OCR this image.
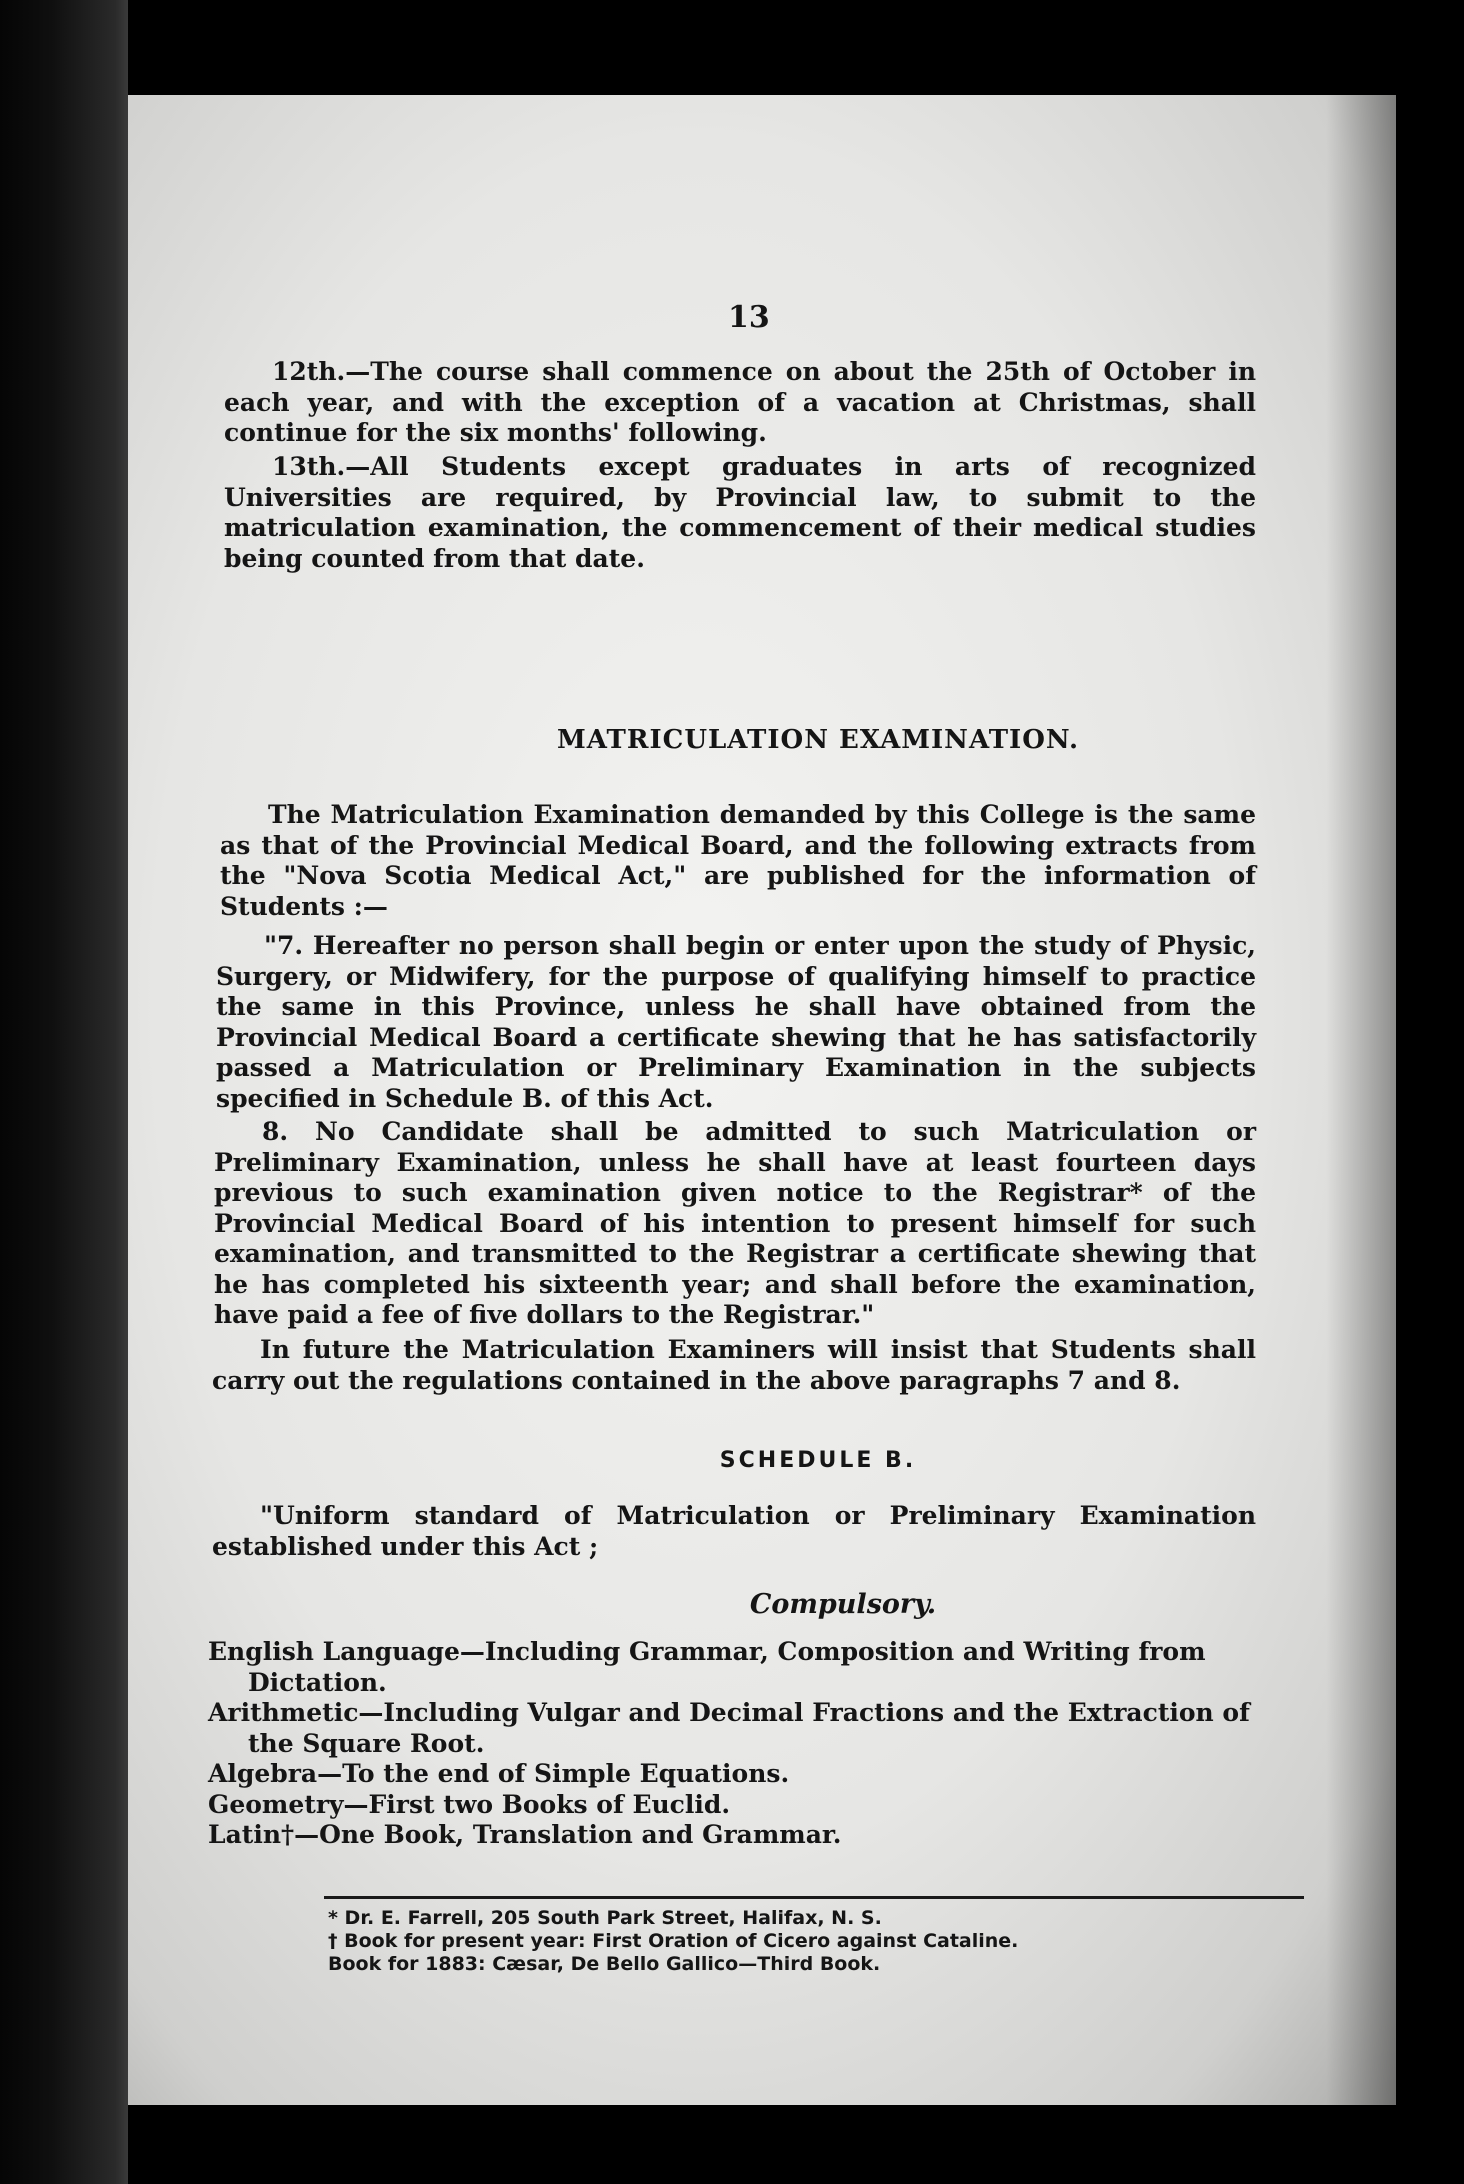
13

12th.—The course shall commence on about the 25th of October in each year, and with the exception of a vacation at Christmas, shall continue for the six months' following.

13th.—All Students except graduates in arts of recognized Universities are required, by Provincial law, to submit to the matriculation examination, the commencement of their medical studies being counted from that date.

MATRICULATION EXAMINATION.

The Matriculation Examination demanded by this College is the same as that of the Provincial Medical Board, and the following extracts from the "Nova Scotia Medical Act," are published for the information of Students :—

"7. Hereafter no person shall begin or enter upon the study of Physic, Surgery, or Midwifery, for the purpose of qualifying himself to practice the same in this Province, unless he shall have obtained from the Provincial Medical Board a certificate shewing that he has satisfactorily passed a Matriculation or Preliminary Examination in the subjects specified in Schedule B. of this Act.

8. No Candidate shall be admitted to such Matriculation or Preliminary Examination, unless he shall have at least fourteen days previous to such examination given notice to the Registrar* of the Provincial Medical Board of his intention to present himself for such examination, and transmitted to the Registrar a certificate shewing that he has completed his sixteenth year; and shall before the examination, have paid a fee of five dollars to the Registrar."

In future the Matriculation Examiners will insist that Students shall carry out the regulations contained in the above paragraphs 7 and 8.

SCHEDULE B.

"Uniform standard of Matriculation or Preliminary Examination established under this Act ;

Compulsory.

English Language—Including Grammar, Composition and Writing from Dictation.

Arithmetic—Including Vulgar and Decimal Fractions and the Extraction of the Square Root.

Algebra—To the end of Simple Equations.

Geometry—First two Books of Euclid.

Latin†—One Book, Translation and Grammar.

* Dr. E. Farrell, 205 South Park Street, Halifax, N. S.

† Book for present year: First Oration of Cicero against Cataline.

Book for 1883: Cæsar, De Bello Gallico—Third Book.
